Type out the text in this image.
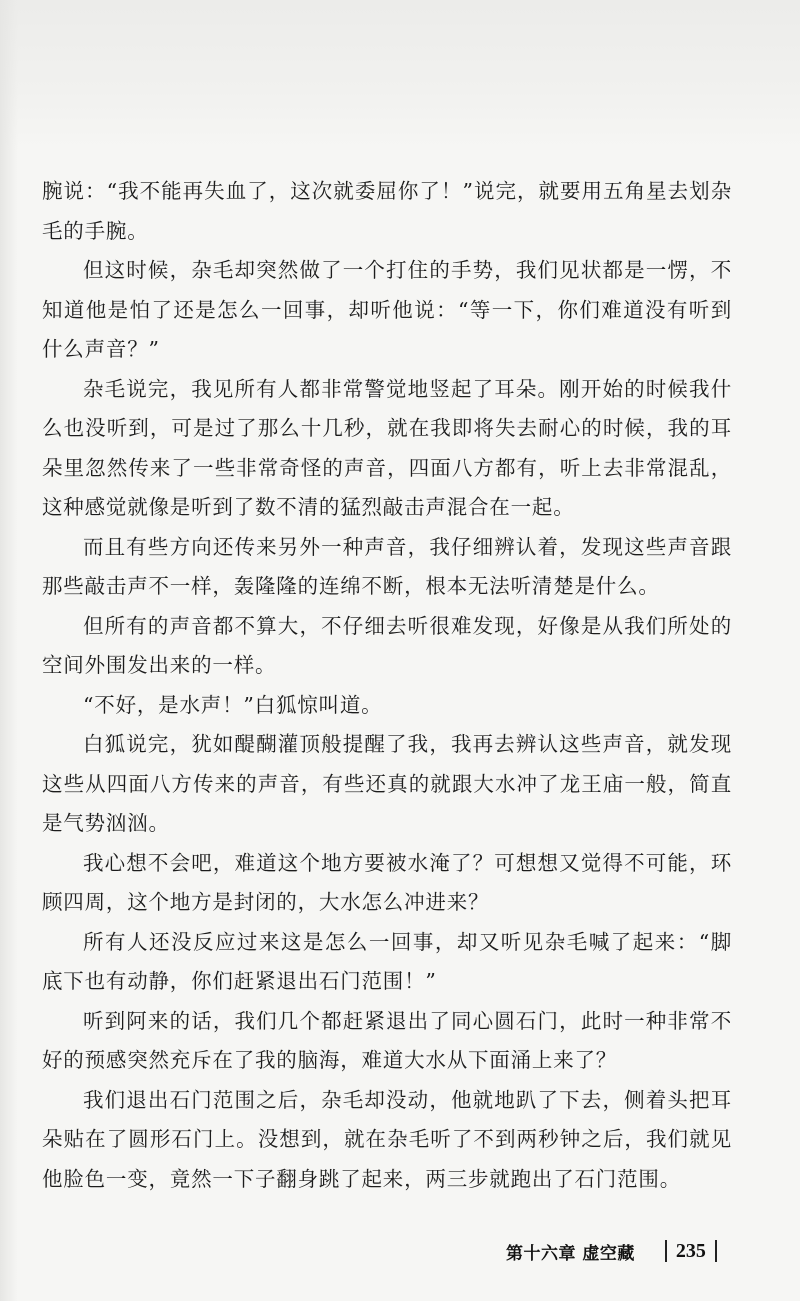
腕说：“我不能再失血了，这次就委屈你了！”说完，就要用五角星去划杂毛的手腕。

但这时候，杂毛却突然做了一个打住的手势，我们见状都是一愣，不知道他是怕了还是怎么一回事，却听他说：“等一下，你们难道没有听到什么声音？”

杂毛说完，我见所有人都非常警觉地竖起了耳朵。刚开始的时候我什么也没听到，可是过了那么十几秒，就在我即将失去耐心的时候，我的耳朵里忽然传来了一些非常奇怪的声音，四面八方都有，听上去非常混乱，这种感觉就像是听到了数不清的猛烈敲击声混合在一起。

而且有些方向还传来另外一种声音，我仔细辨认着，发现这些声音跟那些敲击声不一样，轰隆隆的连绵不断，根本无法听清楚是什么。

但所有的声音都不算大，不仔细去听很难发现，好像是从我们所处的空间外围发出来的一样。

“不好，是水声！”白狐惊叫道。

白狐说完，犹如醍醐灌顶般提醒了我，我再去辨认这些声音，就发现这些从四面八方传来的声音，有些还真的就跟大水冲了龙王庙一般，简直是气势汹汹。

我心想不会吧，难道这个地方要被水淹了？可想想又觉得不可能，环顾四周，这个地方是封闭的，大水怎么冲进来？

所有人还没反应过来这是怎么一回事，却又听见杂毛喊了起来：“脚底下也有动静，你们赶紧退出石门范围！”

听到阿来的话，我们几个都赶紧退出了同心圆石门，此时一种非常不好的预感突然充斥在了我的脑海，难道大水从下面涌上来了？

我们退出石门范围之后，杂毛却没动，他就地趴了下去，侧着头把耳朵贴在了圆形石门上。没想到，就在杂毛听了不到两秒钟之后，我们就见他脸色一变，竟然一下子翻身跳了起来，两三步就跑出了石门范围。

第十六章 虚空藏 235
